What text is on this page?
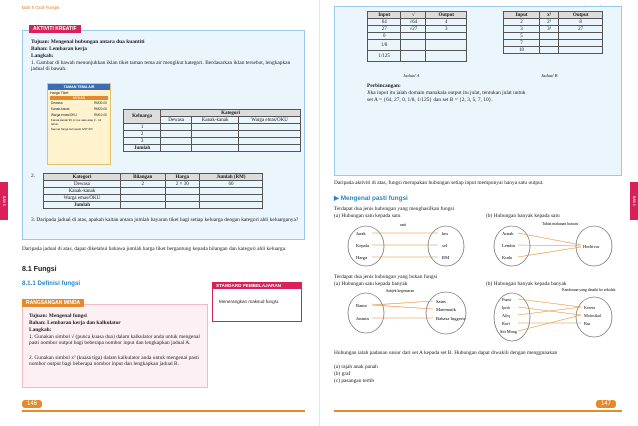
Bab 8 Graf Fungsi
BAB 8
AKTIVITI KREATIF
Tujuan: Mengenal hubungan antara dua kuantiti
Bahan: Lembaran kerja
Langkah:
1. Gambar di bawah menunjukkan iklan tiket taman tema air mengikut kategori. Berdasarkan iklan tersebut, lengkapkan jadual di bawah.
TAMAN TEMA AIR
Harga Tiket
MYKAD
Dewasa	RM30.00
Kanak-kanak	RM20.00
Warga emas/OKU	RM10.00
Kanak-kanak 90 cm ke atas atau 3 - 12 tahun
Semua harga termasuk GST 6%
Keluarga	Kategori		
	Dewasa	Kanak-kanak	Warga emas/OKU
1			
2			
3			
Jumlah			
2.	Kategori	Bilangan	Harga	Jumlah (RM)
Dewasa	2	2 × 30	60
Kanak-kanak			
Warga emas/OKU			
Jumlah			
3. Daripada jadual di atas, apakah kaitan antara jumlah bayaran tiket bagi setiap keluarga dengan kategori ahli keluarganya?
Daripada jadual di atas, dapat diketahui bahawa jumlah harga tiket bergantung kepada bilangan dan kategori ahli keluarga.
8.1 Fungsi
8.1.1 Definisi fungsi	STANDARD PEMBELAJARAN
Menerangkan maksud fungsi.
RANGSANGAN MINDA
Tujuan: Mengenal fungsi
Bahan: Lembaran kerja dan kalkulator
Langkah:
1. Gunakan simbol √ (punca kuasa dua) dalam kalkulator anda untuk mengenal pasti nombor output bagi beberapa nombor input dan lengkapkan jadual A.
2. Gunakan simbol x³ (kuasa tiga) dalam kalkulator anda untuk mengenal pasti nombor output bagi beberapa nombor input dan lengkapkan jadual B.
146
BAB 8
Input	√	Output
64	√64	4
27	√27	3
0		
1/8		
1/125		
Jadual A
Input	x³	Output
2	2³	8
3	3³	27
5		
7		
10		
Jadual B
Perbincangan:
Jika input itu ialah domain manakala output itu julat, tentukan julat untuk
set A = {64, 27, 0, 1/8, 1/125} dan set B = {2, 3, 5, 7, 10}.
Daripada aktiviti di atas, fungsi merupakan hubungan setiap input mempunyai hanya satu output.
▶ Mengenal pasti fungsi
Terdapat dua jenis hubungan yang menghasilkan fungsi
(a) Hubungan satu kepada satu	(b) Hubungan banyak kepada satu
Jarak
Kepala
Harga
km
sel
RM
unit
Arnab
Lembu
Kuda
Herbivor
Tabiat makanan haiwan
Terdapat dua jenis hubungan yang bukan fungsi
(a) Hubungan satu kepada banyak	(b) Hubungan banyak kepada banyak
Rania
Jasmin
Sains
Matematik
Bahasa Inggeris
Subjek kegemaran
Fumi
Ipoh
Afiq
Ravi
Siti Mong
Kereta
Motosikal
Bas
Kenderaan yang dinaiki ke sekolah
Hubungan ialah padanan unsur dari set A kepada set B. Hubungan dapat diwakili dengan menggunakan
(a) rajah anak panah
(b) graf
(c) pasangan tertib
147
